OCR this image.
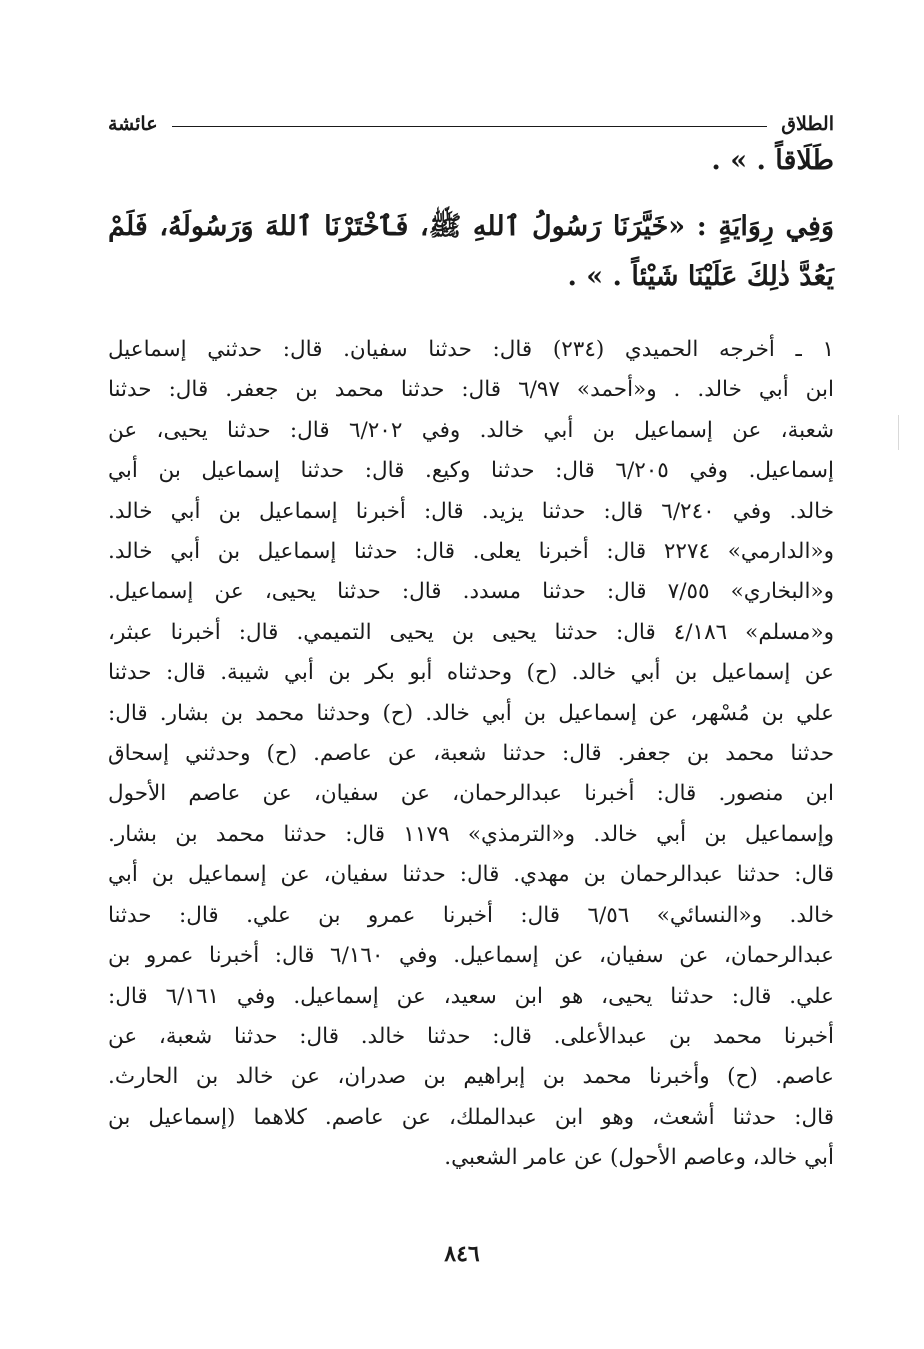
الطلاق
عائشة
طَلَاقاً . » .
وَفِي رِوَايَةٍ : «خَيَّرَنَا رَسُولُ ٱللهِ ﷺ، فَٱخْتَرْنَا ٱللهَ وَرَسُولَهُ، فَلَمْ يَعُدَّ ذٰلِكَ عَلَيْنَا شَيْئاً . » .
١ ـ أخرجه الحميدي (٢٣٤) قال: حدثنا سفيان. قال: حدثني إسماعيل
ابن أبي خالد. . و«أحمد» ٦/٩٧ قال: حدثنا محمد بن جعفر. قال: حدثنا
شعبة، عن إسماعيل بن أبي خالد. وفي ٦/٢٠٢ قال: حدثنا يحيى، عن
إسماعيل. وفي ٦/٢٠٥ قال: حدثنا وكيع. قال: حدثنا إسماعيل بن أبي
خالد. وفي ٦/٢٤٠ قال: حدثنا يزيد. قال: أخبرنا إسماعيل بن أبي خالد.
و«الدارمي» ٢٢٧٤ قال: أخبرنا يعلى. قال: حدثنا إسماعيل بن أبي خالد.
و«البخاري» ٧/٥٥ قال: حدثنا مسدد. قال: حدثنا يحيى، عن إسماعيل.
و«مسلم» ٤/١٨٦ قال: حدثنا يحيى بن يحيى التميمي. قال: أخبرنا عبثر،
عن إسماعيل بن أبي خالد. (ح) وحدثناه أبو بكر بن أبي شيبة. قال: حدثنا
علي بن مُسْهر، عن إسماعيل بن أبي خالد. (ح) وحدثنا محمد بن بشار. قال:
حدثنا محمد بن جعفر. قال: حدثنا شعبة، عن عاصم. (ح) وحدثني إسحاق
ابن منصور. قال: أخبرنا عبدالرحمان، عن سفيان، عن عاصم الأحول
وإسماعيل بن أبي خالد. و«الترمذي» ١١٧٩ قال: حدثنا محمد بن بشار.
قال: حدثنا عبدالرحمان بن مهدي. قال: حدثنا سفيان، عن إسماعيل بن أبي
خالد. و«النسائي» ٦/٥٦ قال: أخبرنا عمرو بن علي. قال: حدثنا
عبدالرحمان، عن سفيان، عن إسماعيل. وفي ٦/١٦٠ قال: أخبرنا عمرو بن
علي. قال: حدثنا يحيى، هو ابن سعيد، عن إسماعيل. وفي ٦/١٦١ قال:
أخبرنا محمد بن عبدالأعلى. قال: حدثنا خالد. قال: حدثنا شعبة، عن
عاصم. (ح) وأخبرنا محمد بن إبراهيم بن صدران، عن خالد بن الحارث.
قال: حدثنا أشعث، وهو ابن عبدالملك، عن عاصم. كلاهما (إسماعيل بن
أبي خالد، وعاصم الأحول) عن عامر الشعبي.
٨٤٦
